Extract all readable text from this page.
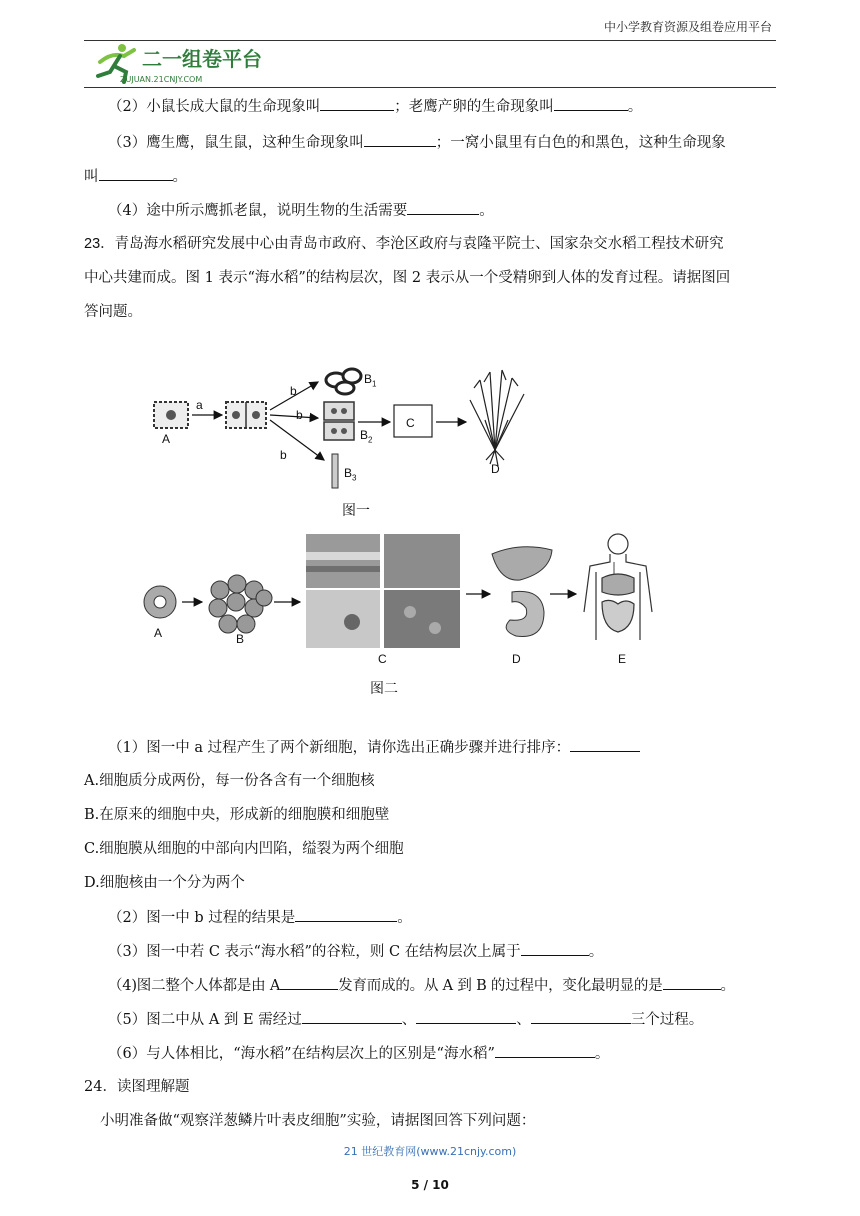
中小学教育资源及组卷应用平台
二一组卷平台
ZUJUAN.21CNJY.COM
（2）小鼠长成大鼠的生命现象叫	；老鹰产卵的生命现象叫	。
（3）鹰生鹰，鼠生鼠，这种生命现象叫	；一窝小鼠里有白色的和黑色，这种生命现象
叫	。
（4）途中所示鹰抓老鼠，说明生物的生活需要	。
23．青岛海水稻研究发展中心由青岛市政府、李沧区政府与袁隆平院士、国家杂交水稻工程技术研究
中心共建而成。图 1 表示“海水稻”的结构层次，图 2 表示从一个受精卵到人体的发育过程。请据图回
答问题。
A
a
b
b
b
$B_1$
$B_2$
$B_3$
C
D
图一
A	B
C	D	E
图二
（1）图一中 a 过程产生了两个新细胞，请你选出正确步骤并进行排序：
A.细胞质分成两份，每一份各含有一个细胞核
B.在原来的细胞中央，形成新的细胞膜和细胞壁
C.细胞膜从细胞的中部向内凹陷，缢裂为两个细胞
D.细胞核由一个分为两个
（2）图一中 b 过程的结果是	。
（3）图一中若 C 表示“海水稻”的谷粒，则 C 在结构层次上属于	。
（4)图二整个人体都是由 A	发育而成的。从 A 到 B 的过程中，变化最明显的是	。
（5）图二中从 A 到 E 需经过	、	、	三个过程。
（6）与人体相比，“海水稻”在结构层次上的区别是“海水稻”	。
24．读图理解题
小明准备做“观察洋葱鳞片叶表皮细胞”实验，请据图回答下列问题：
21 世纪教育网(www.21cnjy.com)
5 / 10
